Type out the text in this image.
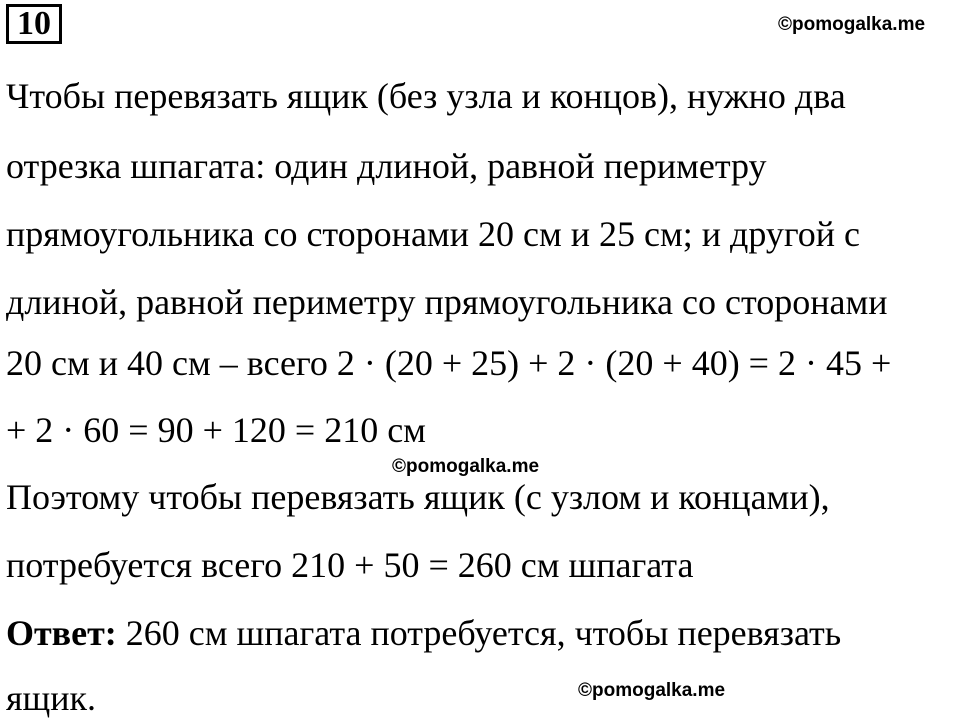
10	©pomogalka.me
Чтобы перевязать ящик (без узла и концов), нужно два
отрезка шпагата: один длиной, равной периметру
прямоугольника со сторонами 20 см и 25 см; и другой с
длиной, равной периметру прямоугольника со сторонами
20 см и 40 см – всего 2 · (20 + 25) + 2 · (20 + 40) = 2 · 45 +
+ 2 · 60 = 90 + 120 = 210 см
©pomogalka.me
Поэтому чтобы перевязать ящик (с узлом и концами),
потребуется всего 210 + 50 = 260 см шпагата
Ответ: 260 см шпагата потребуется, чтобы перевязать
ящик.	©pomogalka.me
